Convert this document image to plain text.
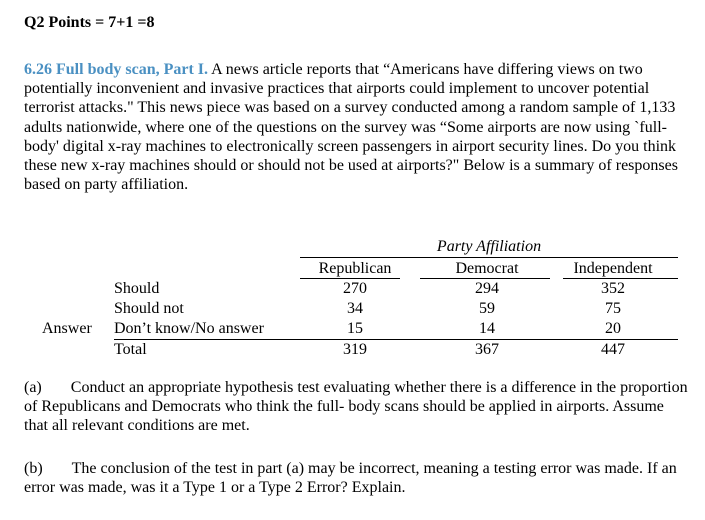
Q2 Points = 7+1 =8
6.26 Full body scan, Part I. A news article reports that “Americans have differing views on two potentially inconvenient and invasive practices that airports could implement to uncover potential terrorist attacks." This news piece was based on a survey conducted among a random sample of 1,133 adults nationwide, where one of the questions on the survey was “Some airports are now using `full-body' digital x-ray machines to electronically screen passengers in airport security lines. Do you think these new x-ray machines should or should not be used at airports?" Below is a summary of responses based on party affiliation.
Party Affiliation
Republican	Democrat	Independent
Should	270	294	352
Should not	34	59	75
Answer Don’t know/No answer	15	14	20
Total	319	367	447
(a) Conduct an appropriate hypothesis test evaluating whether there is a difference in the proportion of Republicans and Democrats who think the full- body scans should be applied in airports. Assume that all relevant conditions are met.
(b) The conclusion of the test in part (a) may be incorrect, meaning a testing error was made. If an error was made, was it a Type 1 or a Type 2 Error? Explain.
